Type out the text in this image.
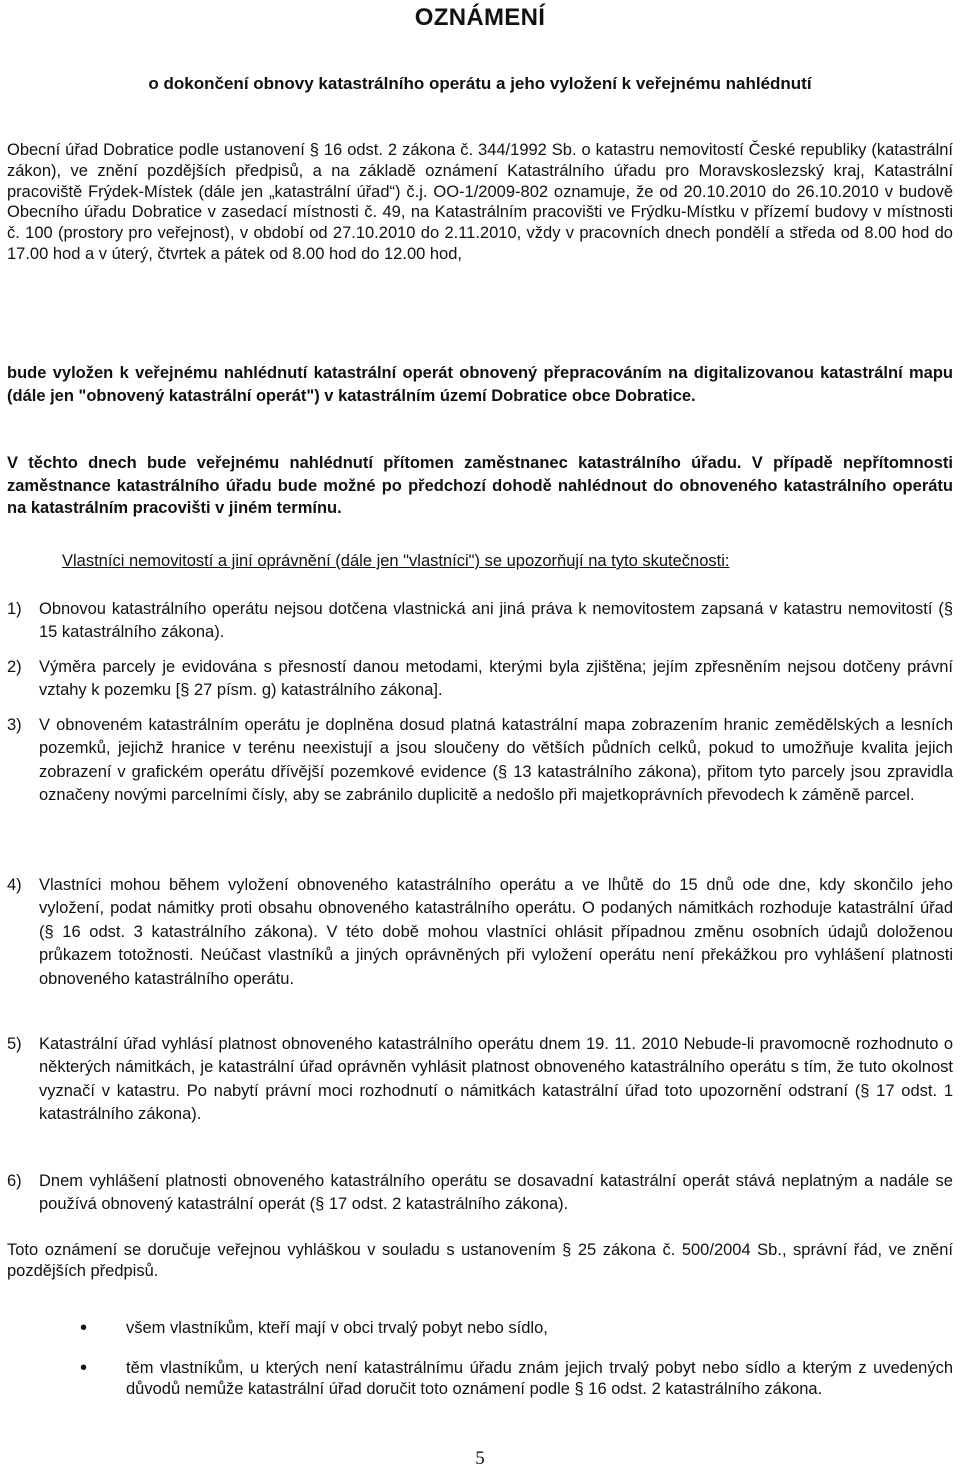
OZNÁMENÍ
o dokončení obnovy katastrálního operátu a jeho vyložení k veřejnému nahlédnutí

Obecní úřad Dobratice podle ustanovení § 16 odst. 2 zákona č. 344/1992 Sb. o katastru nemovitostí České republiky (katastrální zákon), ve znění pozdějších předpisů, a na základě oznámení Katastrálního úřadu pro Moravskoslezský kraj, Katastrální pracoviště Frýdek-Místek (dále jen „katastrální úřad“) č.j. OO-1/2009-802 oznamuje, že od 20.10.2010 do 26.10.2010 v budově Obecního úřadu Dobratice v zasedací místnosti č. 49, na Katastrálním pracovišti ve Frýdku-Místku v přízemí budovy v místnosti č. 100 (prostory pro veřejnost), v období od 27.10.2010 do 2.11.2010, vždy v pracovních dnech pondělí a středa od 8.00 hod do 17.00 hod a v úterý, čtvrtek a pátek od 8.00 hod do 12.00 hod,

bude vyložen k veřejnému nahlédnutí katastrální operát obnovený přepracováním na digitalizovanou katastrální mapu (dále jen "obnovený katastrální operát") v katastrálním území Dobratice obce Dobratice.

V těchto dnech bude veřejnému nahlédnutí přítomen zaměstnanec katastrálního úřadu. V případě nepřítomnosti zaměstnance katastrálního úřadu bude možné po předchozí dohodě nahlédnout do obnoveného katastrálního operátu na katastrálním pracovišti v jiném termínu.

Vlastníci nemovitostí a jiní oprávnění (dále jen "vlastníci") se upozorňují na tyto skutečnosti:
1)	Obnovou katastrálního operátu nejsou dotčena vlastnická ani jiná práva k nemovitostem zapsaná v katastru nemovitostí (§ 15 katastrálního zákona).
2)	Výměra parcely je evidována s přesností danou metodami, kterými byla zjištěna; jejím zpřesněním nejsou dotčeny právní vztahy k pozemku [§ 27 písm. g) katastrálního zákona].
3)	V obnoveném katastrálním operátu je doplněna dosud platná katastrální mapa zobrazením hranic zemědělských a lesních pozemků, jejichž hranice v terénu neexistují a jsou sloučeny do větších půdních celků, pokud to umožňuje kvalita jejich zobrazení v grafickém operátu dřívější pozemkové evidence (§ 13 katastrálního zákona), přitom tyto parcely jsou zpravidla označeny novými parcelními čísly, aby se zabránilo duplicitě a nedošlo při majetkoprávních převodech k záměně parcel.
4)	Vlastníci mohou během vyložení obnoveného katastrálního operátu a ve lhůtě do 15 dnů ode dne, kdy skončilo jeho vyložení, podat námitky proti obsahu obnoveného katastrálního operátu. O podaných námitkách rozhoduje katastrální úřad (§ 16 odst. 3 katastrálního zákona). V této době mohou vlastníci ohlásit případnou změnu osobních údajů doloženou průkazem totožnosti. Neúčast vlastníků a jiných oprávněných při vyložení operátu není překážkou pro vyhlášení platnosti obnoveného katastrálního operátu.
5)	Katastrální úřad vyhlásí platnost obnoveného katastrálního operátu dnem 19. 11. 2010 Nebude-li pravomocně rozhodnuto o některých námitkách, je katastrální úřad oprávněn vyhlásit platnost obnoveného katastrálního operátu s tím, že tuto okolnost vyznačí v katastru. Po nabytí právní moci rozhodnutí o námitkách katastrální úřad toto upozornění odstraní (§ 17 odst. 1 katastrálního zákona).
6)	Dnem vyhlášení platnosti obnoveného katastrálního operátu se dosavadní katastrální operát stává neplatným a nadále se používá obnovený katastrální operát (§ 17 odst. 2 katastrálního zákona).

Toto oznámení se doručuje veřejnou vyhláškou v souladu s ustanovením § 25 zákona č. 500/2004 Sb., správní řád, ve znění pozdějších předpisů.

•	všem vlastníkům, kteří mají v obci trvalý pobyt nebo sídlo,
•	těm vlastníkům, u kterých není katastrálnímu úřadu znám jejich trvalý pobyt nebo sídlo a kterým z uvedených důvodů nemůže katastrální úřad doručit toto oznámení podle § 16 odst. 2 katastrálního zákona.
5
